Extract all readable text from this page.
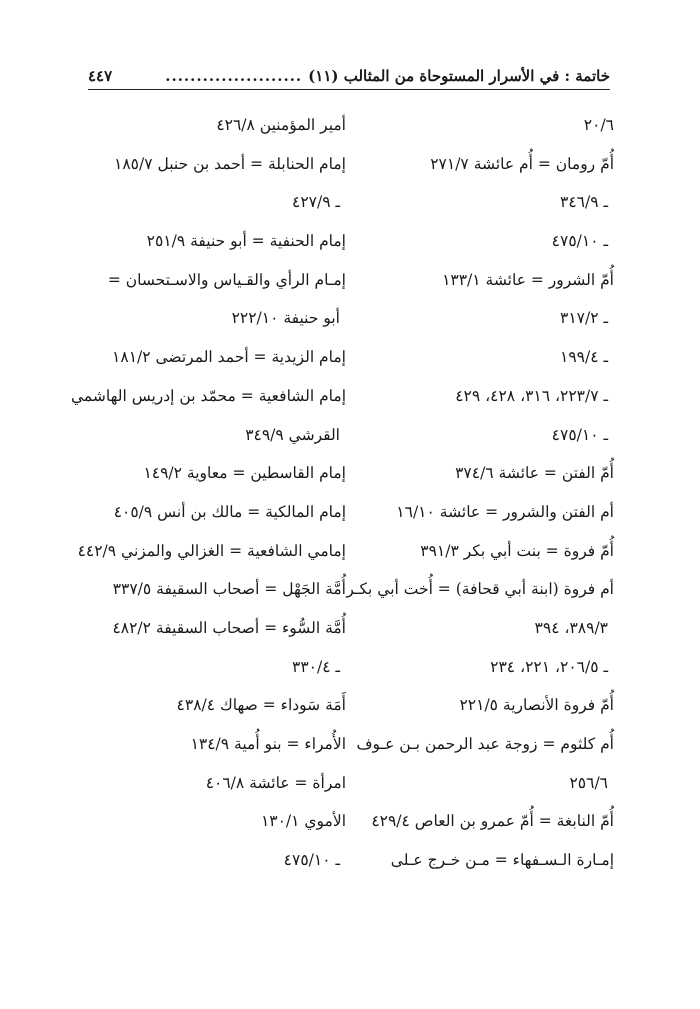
خاتمة : في الأسرار المستوحاة من المثالب (١١)
......................
٤٤٧
٢٠/٦
أُمّ رومان = أُم عائشة ٢٧١/٧
ـ ٣٤٦/٩
ـ ٤٧٥/١٠
أُمّ الشرور = عائشة ١٣٣/١
ـ ٣١٧/٢
ـ ١٩٩/٤
ـ ٢٢٣/٧، ٣١٦، ٤٢٨، ٤٢٩
ـ ٤٧٥/١٠
أُمّ الفتن = عائشة ٣٧٤/٦
أم الفتن والشرور = عائشة ١٦/١٠
أُمّ فروة = بنت أبي بكر ٣٩١/٣
أم فروة (ابنة أبي قحافة) = أُخت أبي بكـر
٣٨٩/٣، ٣٩٤
ـ ٢٠٦/٥، ٢٢١، ٢٣٤
أُمّ فروة الأنصارية ٢٢١/٥
أُم كلثوم = زوجة عبد الرحمن بـن عـوف
٢٥٦/٦
أُمّ النابغة = أُمّ عمرو بن العاص ٤٢٩/٤
إمـارة الـسـفهاء = مـن خـرج عـلى
أمير المؤمنين ٤٢٦/٨
إمام الحنابلة = أحمد بن حنبل ١٨٥/٧
ـ ٤٢٧/٩
إمام الحنفية = أبو حنيفة ٢٥١/٩
إمـام الرأي والقـياس والاسـتحسان =
أبو حنيفة ٢٢٢/١٠
إمام الزيدية = أحمد المرتضى ١٨١/٢
إمام الشافعية = محمّد بن إدريس الهاشمي
القرشي ٣٤٩/٩
إمام القاسطين = معاوية ١٤٩/٢
إمام المالكية = مالك بن أنس ٤٠٥/٩
إمامي الشافعية = الغزالي والمزني ٤٤٢/٩
أُمَّة الجَهْل = أصحاب السقيفة ٣٣٧/٥
أُمَّة السُّوء = أصحاب السقيفة ٤٨٢/٢
ـ ٣٣٠/٤
أَمَة سَوداء = صهاك ٤٣٨/٤
الأُمراء = بنو أُمية ١٣٤/٩
امرأة = عائشة ٤٠٦/٨
الأموي ١٣٠/١
ـ ٤٧٥/١٠
